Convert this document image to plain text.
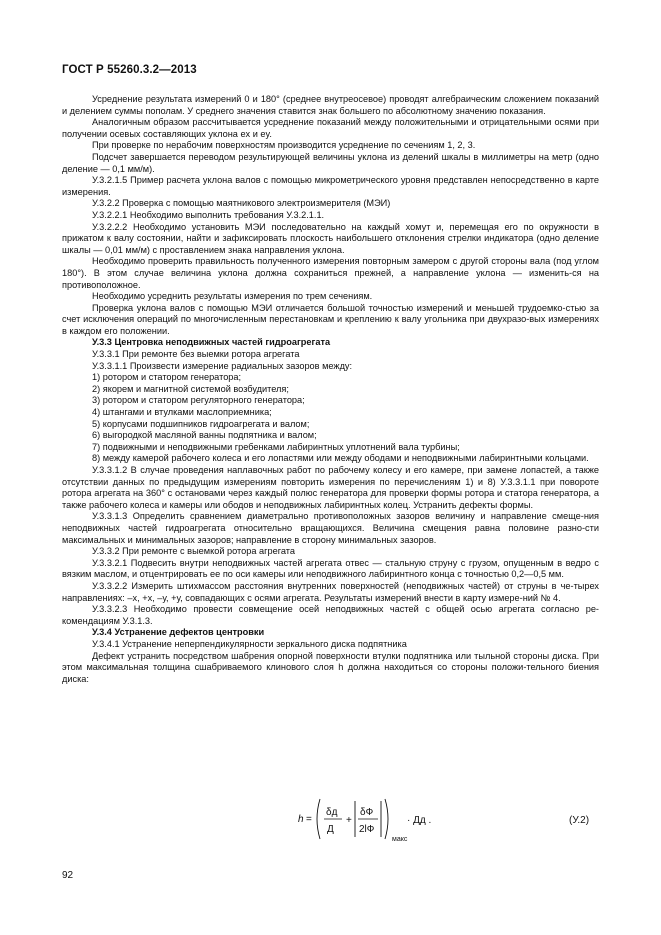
ГОСТ Р 55260.3.2—2013

Усреднение результата измерений 0 и 180° (среднее внутреосевое) проводят алгебраическим сложением показаний и делением суммы пополам. У среднего значения ставится знак большего по абсолютному значению показания.

Аналогичным образом рассчитывается усреднение показаний между положительными и отрицательными осями при получении осевых составляющих уклона ex и ey.

При проверке по нерабочим поверхностям производится усреднение по сечениям 1, 2, 3.

Подсчет завершается переводом результирующей величины уклона из делений шкалы в миллиметры на метр (одно деление — 0,1 мм/м).

У.3.2.1.5 Пример расчета уклона валов с помощью микрометрического уровня представлен непосредственно в карте измерения.

У.3.2.2 Проверка с помощью маятникового электроизмерителя (МЭИ)

У.3.2.2.1 Необходимо выполнить требования У.3.2.1.1.

У.3.2.2.2 Необходимо установить МЭИ последовательно на каждый хомут и, перемещая его по окружности в прижатом к валу состоянии, найти и зафиксировать плоскость наибольшего отклонения стрелки индикатора (одно деление шкалы — 0,01 мм/м) с проставлением знака направления уклона.

Необходимо проверить правильность полученного измерения повторным замером с другой стороны вала (под углом 180°). В этом случае величина уклона должна сохраниться прежней, а направление уклона — изменить-ся на противоположное.

Необходимо усреднить результаты измерения по трем сечениям.

Проверка уклона валов с помощью МЭИ отличается большой точностью измерений и меньшей трудоемко-стью за счет исключения операций по многочисленным перестановкам и креплению к валу угольника при двухразо-вых измерениях в каждом его положении.

У.3.3 Центровка неподвижных частей гидроагрегата

У.3.3.1 При ремонте без выемки ротора агрегата

У.3.3.1.1 Произвести измерение радиальных зазоров между:

1) ротором и статором генератора;

2) якорем и магнитной системой возбудителя;

3) ротором и статором регуляторного генератора;

4) штангами и втулками маслоприемника;

5) корпусами подшипников гидроагрегата и валом;

6) выгородкой масляной ванны подпятника и валом;

7) подвижными и неподвижными гребенками лабиринтных уплотнений вала турбины;

8) между камерой рабочего колеса и его лопастями или между ободами и неподвижными лабиринтными кольцами.

У.3.3.1.2 В случае проведения наплавочных работ по рабочему колесу и его камере, при замене лопастей, а также отсутствии данных по предыдущим измерениям повторить измерения по перечислениям 1) и 8) У.3.3.1.1 при повороте ротора агрегата на 360° с остановами через каждый полюс генератора для проверки формы ротора и статора генератора, а также рабочего колеса и камеры или ободов и неподвижных лабиринтных колец. Устранить дефекты формы.

У.3.3.1.3 Определить сравнением диаметрально противоположных зазоров величину и направление смеще-ния неподвижных частей гидроагрегата относительно вращающихся. Величина смещения равна половине разно-сти максимальных и минимальных зазоров; направление в сторону минимальных зазоров.

У.3.3.2 При ремонте с выемкой ротора агрегата

У.3.3.2.1 Подвесить внутри неподвижных частей агрегата отвес — стальную струну с грузом, опущенным в ведро с вязким маслом, и отцентрировать ее по оси камеры или неподвижного лабиринтного конца с точностью 0,2—0,5 мм.

У.3.3.2.2 Измерить штихмассом расстояния внутренних поверхностей (неподвижных частей) от струны в че-тырех направлениях: –х, +х, –у, +у, совпадающих с осями агрегата. Результаты измерений внести в карту измере-ний № 4.

У.3.3.2.3 Необходимо провести совмещение осей неподвижных частей с общей осью агрегата согласно ре-комендациям У.3.1.3.

У.3.4 Устранение дефектов центровки

У.3.4.1 Устранение неперпендикулярности зеркального диска подпятника

Дефект устранить посредством шабрения опорной поверхности втулки подпятника или тыльной стороны диска. При этом максимальная толщина сшабриваемого клинового слоя h должна находиться со стороны положи-тельного биения диска:

h =
δд
Д
+
δФ
2lФ
макс
· Дд .	(У.2)
92
